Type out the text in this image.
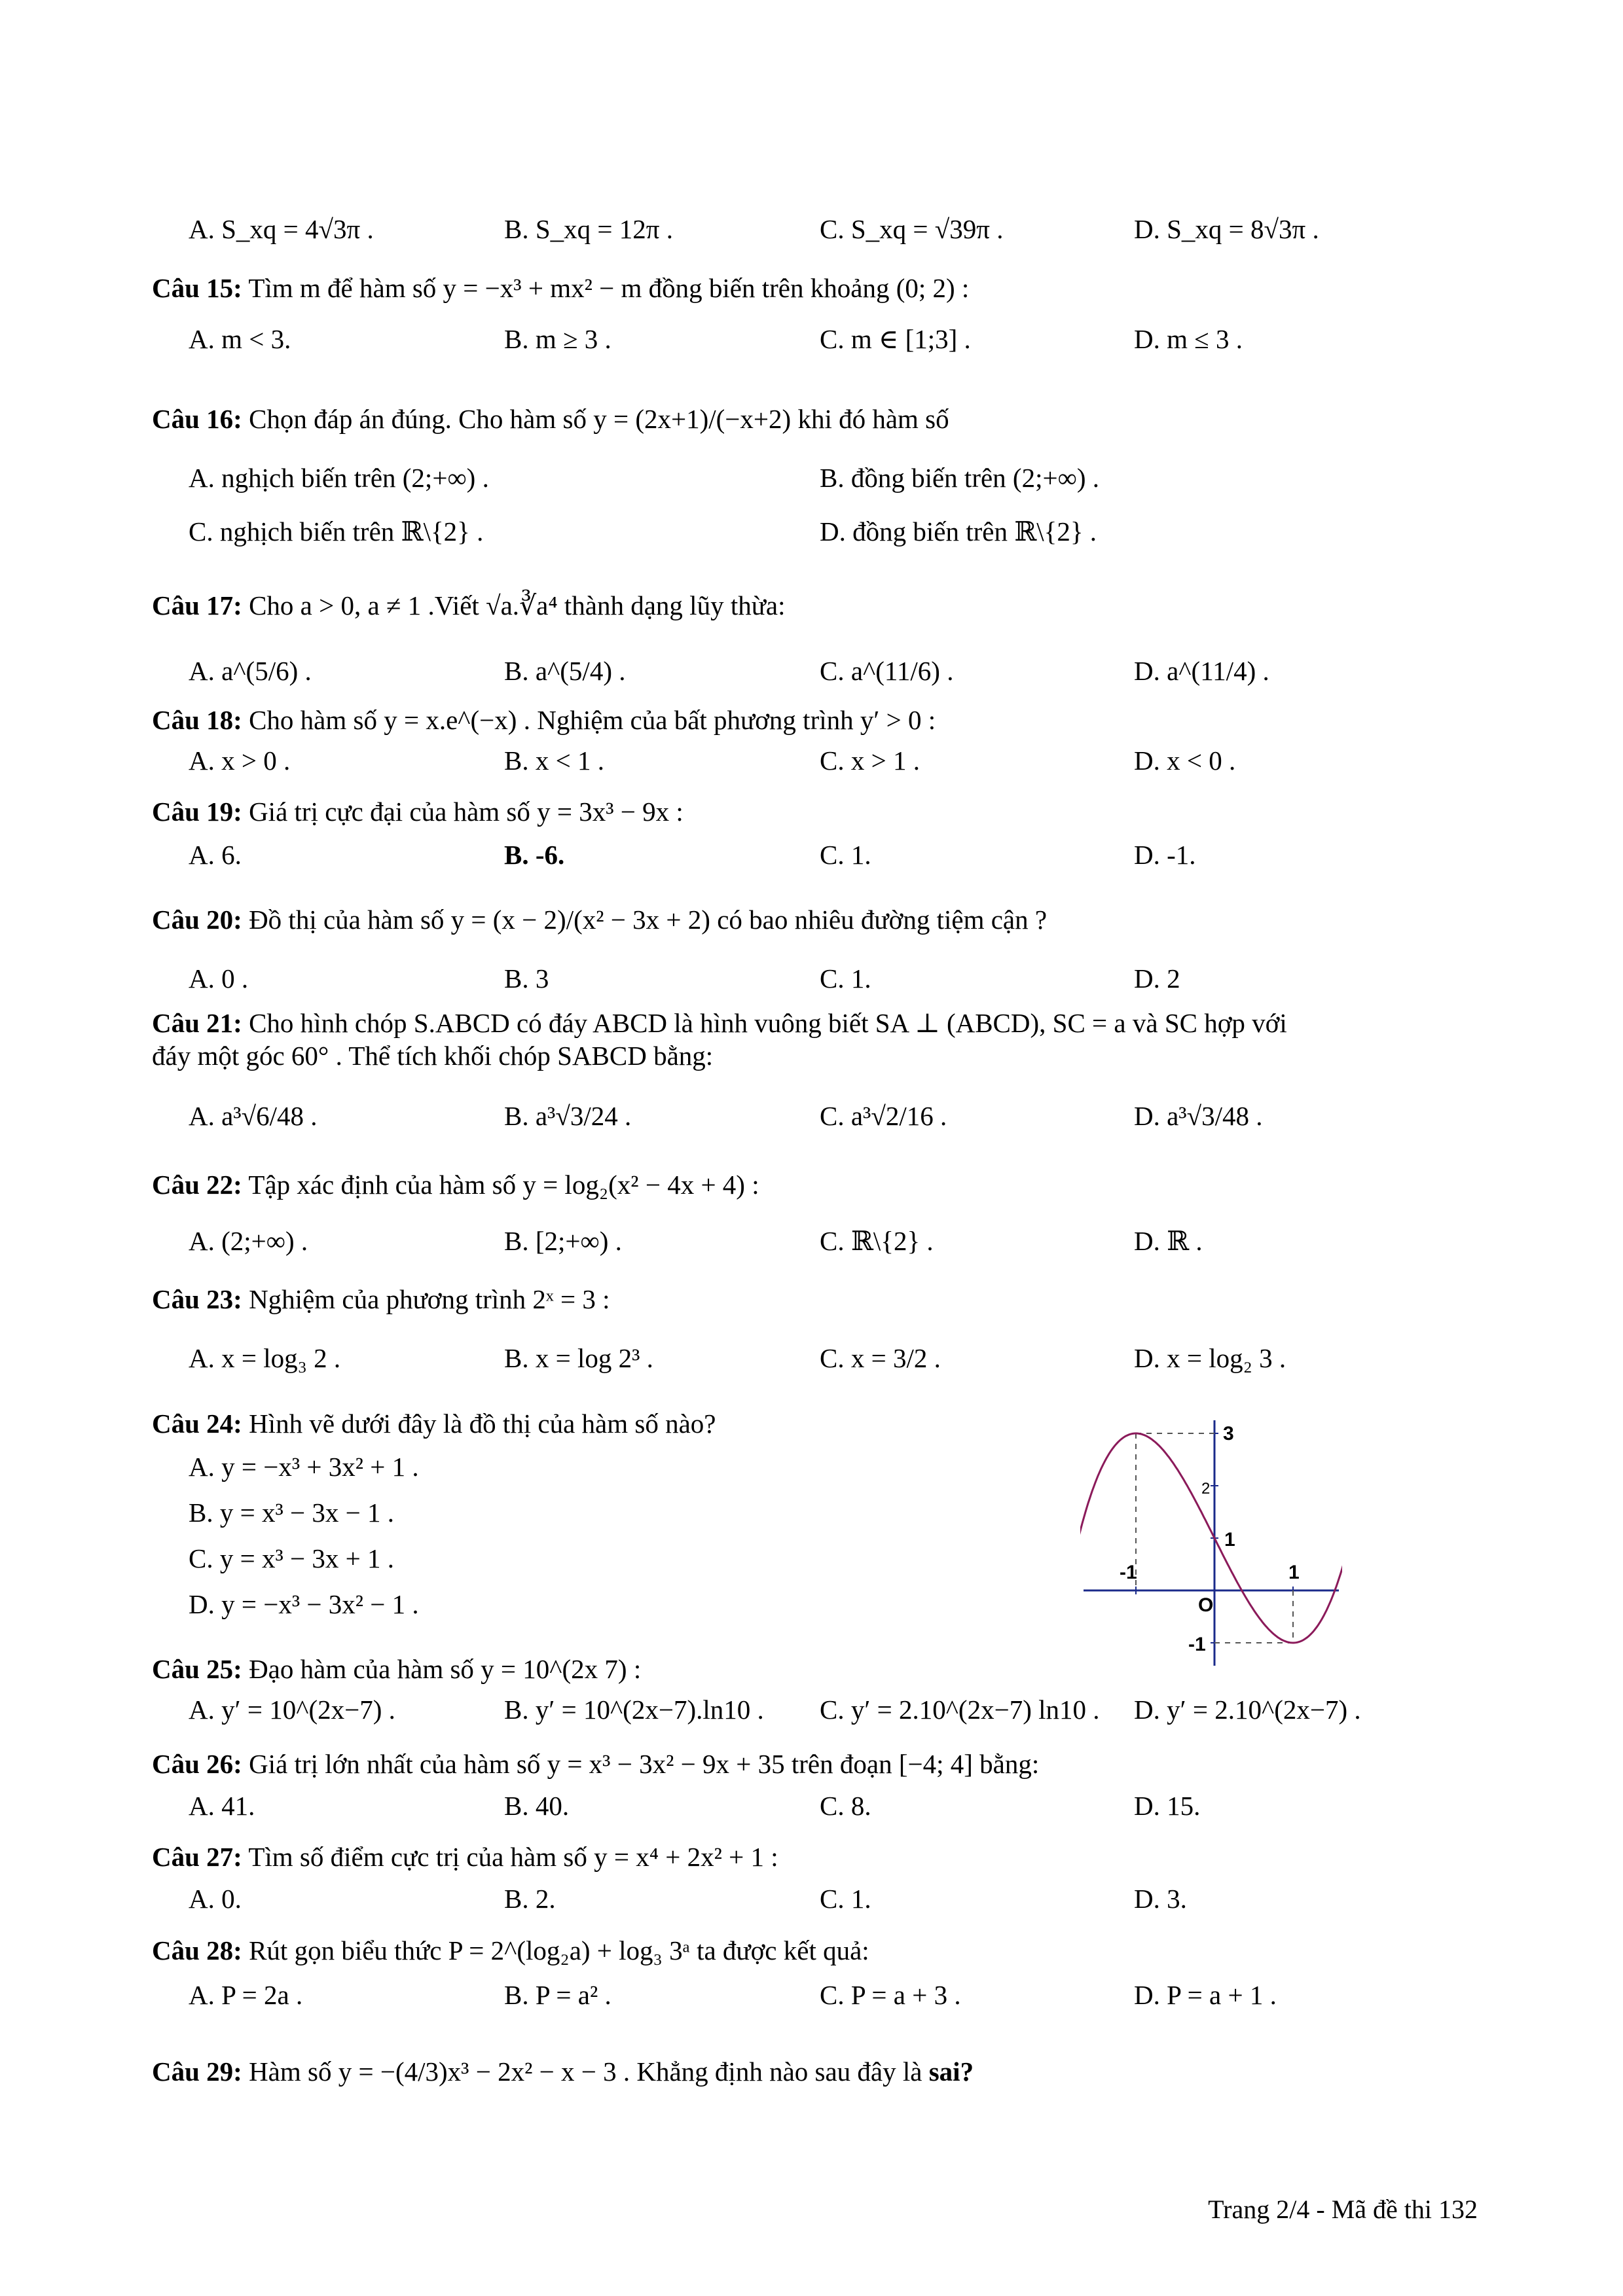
A. S_xq = 4√3π .	B. S_xq = 12π .	C. S_xq = √39π .	D. S_xq = 8√3π .
Câu 15: Tìm m để hàm số y = −x³ + mx² − m đồng biến trên khoảng (0; 2) :
A. m < 3.	B. m ≥ 3 .	C. m ∈ [1;3] .	D. m ≤ 3 .
Câu 16: Chọn đáp án đúng. Cho hàm số y = (2x+1)/(−x+2) khi đó hàm số
A. nghịch biến trên (2;+∞) .	B. đồng biến trên (2;+∞) .
C. nghịch biến trên ℝ\{2} .	D. đồng biến trên ℝ\{2} .
Câu 17: Cho a > 0, a ≠ 1 .Viết √a.∛a⁴ thành dạng lũy thừa:
A. a^(5/6) .	B. a^(5/4) .	C. a^(11/6) .	D. a^(11/4) .
Câu 18: Cho hàm số y = x.e^(−x) . Nghiệm của bất phương trình y′ > 0 :
A. x > 0 .	B. x < 1 .	C. x > 1 .	D. x < 0 .
Câu 19: Giá trị cực đại của hàm số y = 3x³ − 9x :
A. 6.	B. -6.	C. 1.	D. -1.
Câu 20: Đồ thị của hàm số y = (x − 2)/(x² − 3x + 2) có bao nhiêu đường tiệm cận ?
A. 0 .	B. 3	C. 1.	D. 2
Câu 21: Cho hình chóp S.ABCD có đáy ABCD là hình vuông biết SA ⊥ (ABCD), SC = a và SC hợp với
đáy một góc 60° . Thể tích khối chóp SABCD bằng:
A. a³√6/48 .	B. a³√3/24 .	C. a³√2/16 .	D. a³√3/48 .
Câu 22: Tập xác định của hàm số y = log₂(x² − 4x + 4) :
A. (2;+∞) .	B. [2;+∞) .	C. ℝ\{2} .	D. ℝ .
Câu 23: Nghiệm của phương trình 2ˣ = 3 :
A. x = log₃ 2 .	B. x = log 2³ .	C. x = 3/2 .	D. x = log₂ 3 .
Câu 24: Hình vẽ dưới đây là đồ thị của hàm số nào?
A. y = −x³ + 3x² + 1 .
B. y = x³ − 3x − 1 .
C. y = x³ − 3x + 1 .
D. y = −x³ − 3x² − 1 .
3
2
1
-1	1
O
-1
Câu 25: Đạo hàm của hàm số y = 10^(2x 7) :
A. y′ = 10^(2x−7) .	B. y′ = 10^(2x−7).ln10 . C. y′ = 2.10^(2x−7) ln10 . D. y′ = 2.10^(2x−7) .
Câu 26: Giá trị lớn nhất của hàm số y = x³ − 3x² − 9x + 35 trên đoạn [−4; 4] bằng:
A. 41.	B. 40.	C. 8.	D. 15.
Câu 27: Tìm số điểm cực trị của hàm số y = x⁴ + 2x² + 1 :
A. 0.	B. 2.	C. 1.	D. 3.
Câu 28: Rút gọn biểu thức P = 2^(log₂a) + log₃ 3ᵃ ta được kết quả:
A. P = 2a .	B. P = a² .	C. P = a + 3 .	D. P = a + 1 .
Câu 29: Hàm số y = −(4/3)x³ − 2x² − x − 3 . Khẳng định nào sau đây là sai?
Trang 2/4 - Mã đề thi 132
